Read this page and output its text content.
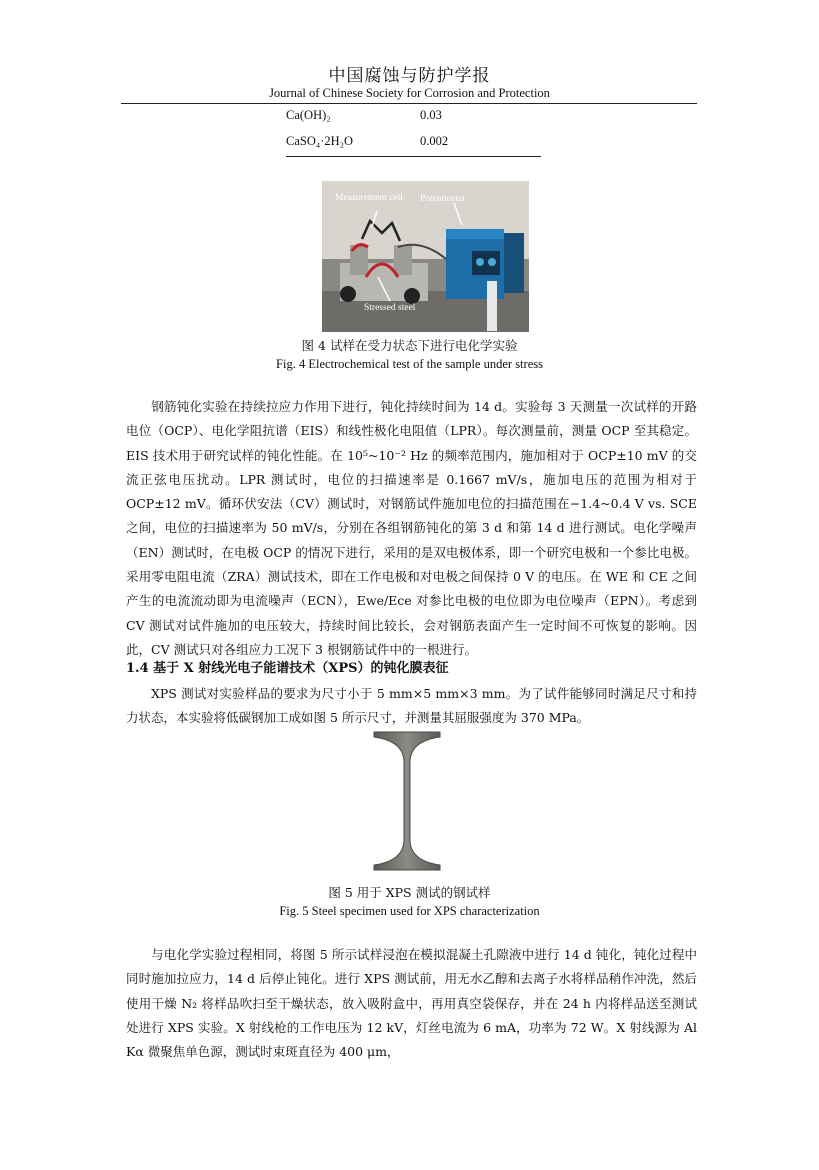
中国腐蚀与防护学报
Journal of Chinese Society for Corrosion and Protection
Ca(OH)₂	0.03
CaSO₄·2H₂O	0.002
Measurement cell Potentiostat
Stressed steel
图 4 试样在受力状态下进行电化学实验
Fig. 4 Electrochemical test of the sample under stress

钢筋钝化实验在持续拉应力作用下进行，钝化持续时间为 14 d。实验每 3 天测量一次试样的开路电位（OCP）、电化学阻抗谱（EIS）和线性极化电阻值（LPR）。每次测量前，测量 OCP 至其稳定。EIS 技术用于研究试样的钝化性能。在 10⁵~10⁻² Hz 的频率范围内，施加相对于 OCP±10 mV 的交流正弦电压扰动。LPR 测试时，电位的扫描速率是 0.1667 mV/s，施加电压的范围为相对于 OCP±12 mV。循环伏安法（CV）测试时，对钢筋试件施加电位的扫描范围在−1.4~0.4 V vs. SCE 之间，电位的扫描速率为 50 mV/s，分别在各组钢筋钝化的第 3 d 和第 14 d 进行测试。电化学噪声（EN）测试时，在电极 OCP 的情况下进行，采用的是双电极体系，即一个研究电极和一个参比电极。采用零电阻电流（ZRA）测试技术，即在工作电极和对电极之间保持 0 V 的电压。在 WE 和 CE 之间产生的电流流动即为电流噪声（ECN），Ewe/Ece 对参比电极的电位即为电位噪声（EPN）。考虑到 CV 测试对试件施加的电压较大，持续时间比较长，会对钢筋表面产生一定时间不可恢复的影响。因此，CV 测试只对各组应力工况下 3 根钢筋试件中的一根进行。

1.4 基于 X 射线光电子能谱技术（XPS）的钝化膜表征

XPS 测试对实验样品的要求为尺寸小于 5 mm×5 mm×3 mm。为了试件能够同时满足尺寸和持力状态，本实验将低碳钢加工成如图 5 所示尺寸，并测量其屈服强度为 370 MPa。

图 5 用于 XPS 测试的钢试样
Fig. 5 Steel specimen used for XPS characterization

与电化学实验过程相同，将图 5 所示试样浸泡在模拟混凝土孔隙液中进行 14 d 钝化，钝化过程中同时施加拉应力，14 d 后停止钝化。进行 XPS 测试前，用无水乙醇和去离子水将样品稍作冲洗，然后使用干燥 N₂ 将样品吹扫至干燥状态，放入吸附盒中，再用真空袋保存，并在 24 h 内将样品送至测试处进行 XPS 实验。X 射线枪的工作电压为 12 kV，灯丝电流为 6 mA，功率为 72 W。X 射线源为 Al Kα 微聚焦单色源，测试时束斑直径为 400 μm，
